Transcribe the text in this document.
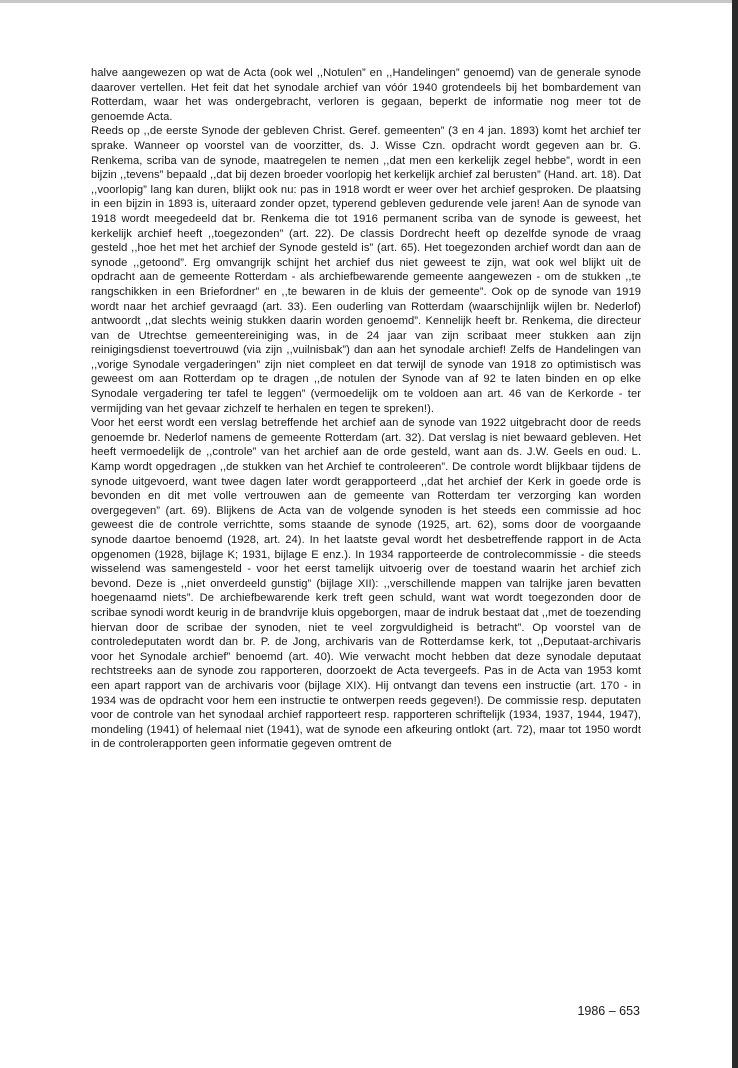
halve aangewezen op wat de Acta (ook wel ,,Notulen” en ,,Handelingen” genoemd) van de generale synode daarover vertellen. Het feit dat het synodale archief van vóór 1940 grotendeels bij het bombardement van Rotterdam, waar het was ondergebracht, verloren is gegaan, beperkt de informatie nog meer tot de genoemde Acta.

Reeds op ,,de eerste Synode der gebleven Christ. Geref. gemeenten” (3 en 4 jan. 1893) komt het archief ter sprake. Wanneer op voorstel van de voorzitter, ds. J. Wisse Czn. opdracht wordt gegeven aan br. G. Renkema, scriba van de synode, maatregelen te nemen ,,dat men een kerkelijk zegel hebbe”, wordt in een bijzin ,,tevens” bepaald ,,dat bij dezen broeder voorlopig het kerkelijk archief zal berusten” (Hand. art. 18). Dat ,,voorlopig” lang kan duren, blijkt ook nu: pas in 1918 wordt er weer over het archief gesproken. De plaatsing in een bijzin in 1893 is, uiteraard zonder opzet, typerend gebleven gedurende vele jaren! Aan de synode van 1918 wordt meegedeeld dat br. Renkema die tot 1916 permanent scriba van de synode is geweest, het kerkelijk archief heeft ,,toegezonden” (art. 22). De classis Dordrecht heeft op dezelfde synode de vraag gesteld ,,hoe het met het archief der Synode gesteld is” (art. 65). Het toegezonden archief wordt dan aan de synode ,,getoond”. Erg omvangrijk schijnt het archief dus niet geweest te zijn, wat ook wel blijkt uit de opdracht aan de gemeente Rotterdam - als archiefbewarende gemeente aangewezen - om de stukken ,,te rangschikken in een Briefordner” en ,,te bewaren in de kluis der gemeente”. Ook op de synode van 1919 wordt naar het archief gevraagd (art. 33). Een ouderling van Rotterdam (waarschijnlijk wijlen br. Nederlof) antwoordt ,,dat slechts weinig stukken daarin worden genoemd”. Kennelijk heeft br. Renkema, die directeur van de Utrechtse gemeentereiniging was, in de 24 jaar van zijn scribaat meer stukken aan zijn reinigingsdienst toevertrouwd (via zijn ,,vuilnisbak”) dan aan het synodale archief! Zelfs de Handelingen van ,,vorige Synodale vergaderingen” zijn niet compleet en dat terwijl de synode van 1918 zo optimistisch was geweest om aan Rotterdam op te dragen ,,de notulen der Synode van af 92 te laten binden en op elke Synodale vergadering ter tafel te leggen” (vermoedelijk om te voldoen aan art. 46 van de Kerkorde - ter vermijding van het gevaar zichzelf te herhalen en tegen te spreken!).

Voor het eerst wordt een verslag betreffende het archief aan de synode van 1922 uitgebracht door de reeds genoemde br. Nederlof namens de gemeente Rotterdam (art. 32). Dat verslag is niet bewaard gebleven. Het heeft vermoedelijk de ,,controle” van het archief aan de orde gesteld, want aan ds. J.W. Geels en oud. L. Kamp wordt opgedragen ,,de stukken van het Archief te controleeren”. De controle wordt blijkbaar tijdens de synode uitgevoerd, want twee dagen later wordt gerapporteerd ,,dat het archief der Kerk in goede orde is bevonden en dit met volle vertrouwen aan de gemeente van Rotterdam ter verzorging kan worden overgegeven” (art. 69). Blijkens de Acta van de volgende synoden is het steeds een commissie ad hoc geweest die de controle verrichtte, soms staande de synode (1925, art. 62), soms door de voorgaande synode daartoe benoemd (1928, art. 24). In het laatste geval wordt het desbetreffende rapport in de Acta opgenomen (1928, bijlage K; 1931, bijlage E enz.). In 1934 rapporteerde de controlecommissie - die steeds wisselend was samengesteld - voor het eerst tamelijk uitvoerig over de toestand waarin het archief zich bevond. Deze is ,,niet onverdeeld gunstig” (bijlage XII): ,,verschillende mappen van talrijke jaren bevatten hoegenaamd niets”. De archiefbewarende kerk treft geen schuld, want wat wordt toegezonden door de scribae synodi wordt keurig in de brandvrije kluis opgeborgen, maar de indruk bestaat dat ,,met de toezending hiervan door de scribae der synoden, niet te veel zorgvuldigheid is betracht”. Op voorstel van de controledeputaten wordt dan br. P. de Jong, archivaris van de Rotterdamse kerk, tot ,,Deputaat-archivaris voor het Synodale archief” benoemd (art. 40). Wie verwacht mocht hebben dat deze synodale deputaat rechtstreeks aan de synode zou rapporteren, doorzoekt de Acta tevergeefs. Pas in de Acta van 1953 komt een apart rapport van de archivaris voor (bijlage XIX). Hij ontvangt dan tevens een instructie (art. 170 - in 1934 was de opdracht voor hem een instructie te ontwerpen reeds gegeven!). De commissie resp. deputaten voor de controle van het synodaal archief rapporteert resp. rapporteren schriftelijk (1934, 1937, 1944, 1947), mondeling (1941) of helemaal niet (1941), wat de synode een afkeuring ontlokt (art. 72), maar tot 1950 wordt in de controlerapporten geen informatie gegeven omtrent de

1986 – 653
